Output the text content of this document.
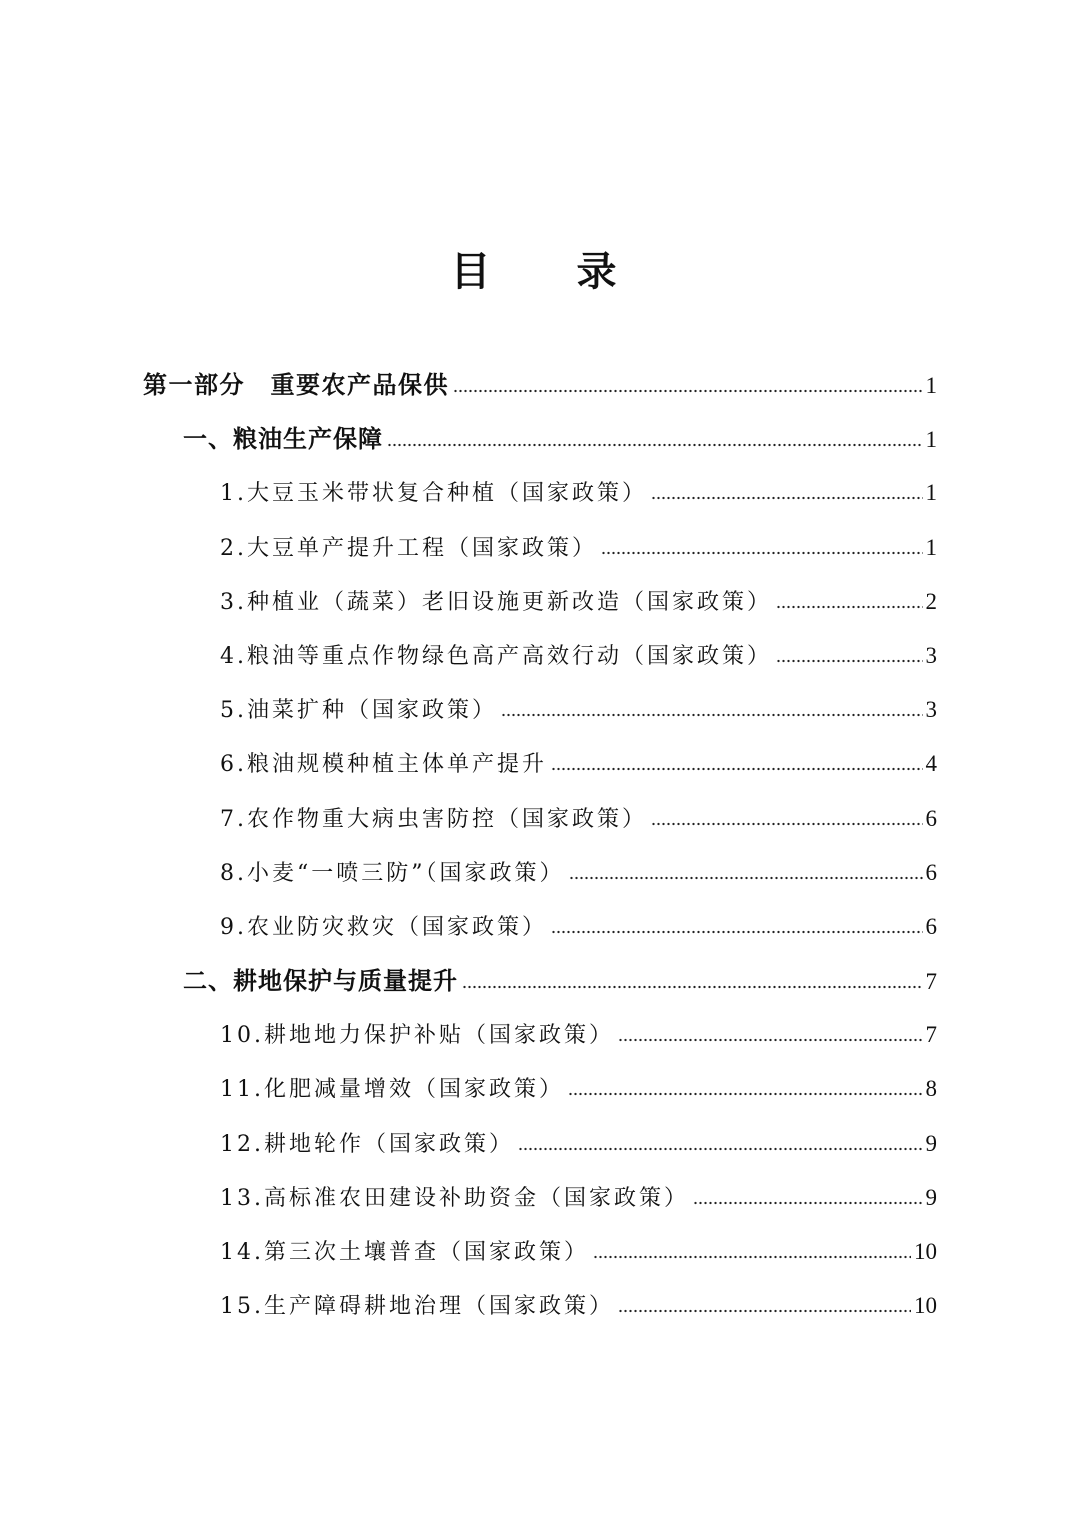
目　　录
第一部分　重要农产品保供	1
一、粮油生产保障	1
1.大豆玉米带状复合种植（国家政策）	1
2.大豆单产提升工程（国家政策）	1
3.种植业（蔬菜）老旧设施更新改造（国家政策）	2
4.粮油等重点作物绿色高产高效行动（国家政策）	3
5.油菜扩种（国家政策）	3
6.粮油规模种植主体单产提升	4
7.农作物重大病虫害防控（国家政策）	6
8.小麦“一喷三防”（国家政策）	6
9.农业防灾救灾（国家政策）	6
二、耕地保护与质量提升	7
10.耕地地力保护补贴（国家政策）	7
11.化肥减量增效（国家政策）	8
12.耕地轮作（国家政策）	9
13.高标准农田建设补助资金（国家政策）	9
14.第三次土壤普查（国家政策）	10
15.生产障碍耕地治理（国家政策）	10
